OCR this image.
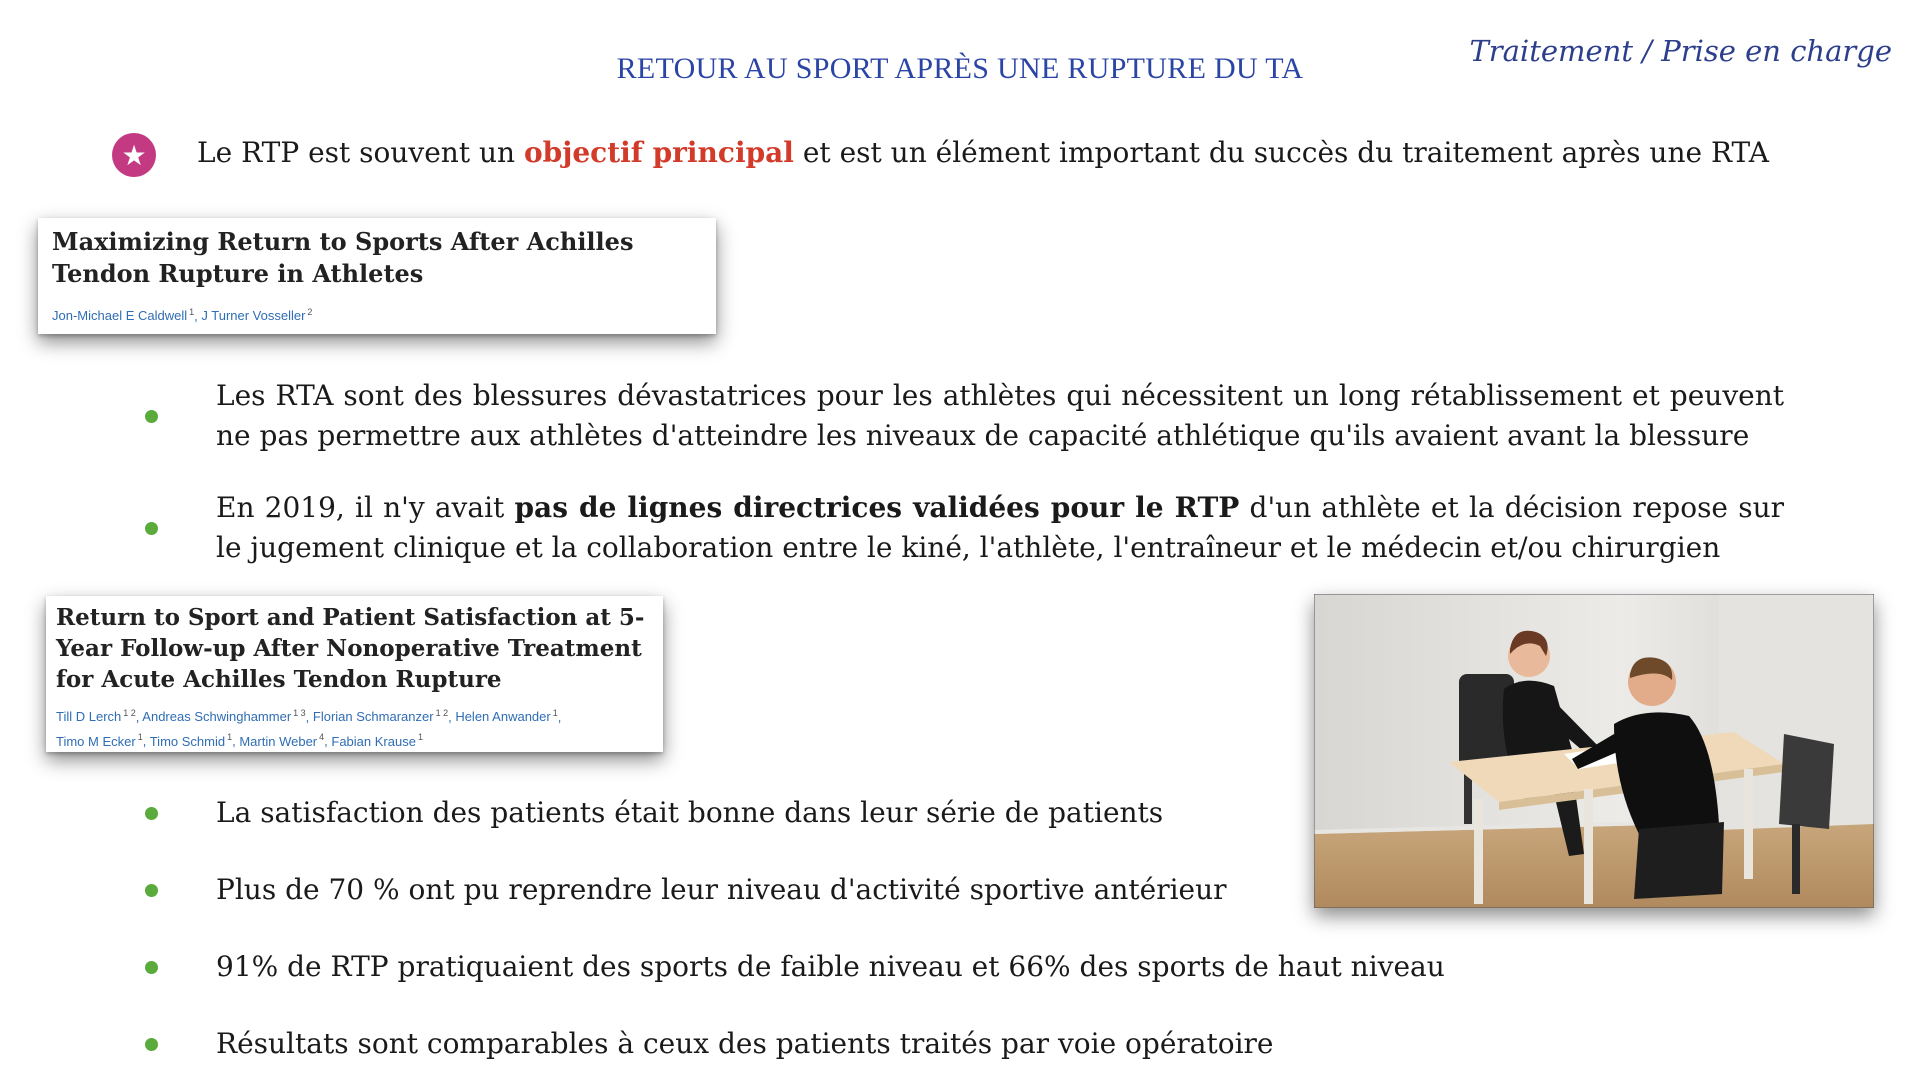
Traitement / Prise en charge
RETOUR AU SPORT APRÈS UNE RUPTURE DU TA
★	Le RTP est souvent un objectif principal et est un élément important du succès du traitement après une RTA
Maximizing Return to Sports After Achilles Tendon Rupture in Athletes
Jon-Michael E Caldwell $^1$, J Turner Vosseller $^2$
Les RTA sont des blessures dévastatrices pour les athlètes qui nécessitent un long rétablissement et peuvent ne pas permettre aux athlètes d'atteindre les niveaux de capacité athlétique qu'ils avaient avant la blessure
En 2019, il n'y avait pas de lignes directrices validées pour le RTP d'un athlète et la décision repose sur le jugement clinique et la collaboration entre le kiné, l'athlète, l'entraîneur et le médecin et/ou chirurgien
Return to Sport and Patient Satisfaction at 5-Year Follow-up After Nonoperative Treatment for Acute Achilles Tendon Rupture
Till D Lerch $^{1 2}$, Andreas Schwinghammer $^{1 3}$, Florian Schmaranzer $^{1 2}$, Helen Anwander $^1$,
Timo M Ecker $^1$, Timo Schmid $^1$, Martin Weber $^4$, Fabian Krause $^1$
La satisfaction des patients était bonne dans leur série de patients
Plus de 70 % ont pu reprendre leur niveau d'activité sportive antérieur
91% de RTP pratiquaient des sports de faible niveau et 66% des sports de haut niveau
Résultats sont comparables à ceux des patients traités par voie opératoire
